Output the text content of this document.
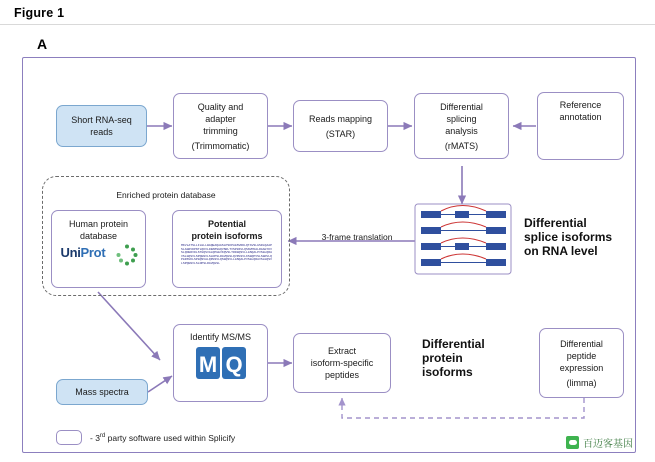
Figure 1
A
Enriched protein database
Short RNA-seq
reads
Quality and
adapter
trimming
(Trimmomatic)
Reads mapping
(STAR)
Differential
splicing
analysis
(rMATS)
Reference
annotation
Human protein
database
UniProt
Potential
protein isoforms
MKVLATSLLFLGLLWAQEAQAGSLPSKPAGSVRDLQTAVSLGSRLQAAPSLAGRVDPNTLQKVLDRAMSGQVSRLTVSPGSVLQSNVPDALRAAGYKVSLQNGRVDLSTGQSVALQPGEVKQVSLTRDGQSVLLGSQALPVSGLQRAVSLGQSVLSPQGNVLSLDPSLRAVQGSLQVPGSVLKSGQPVSLSGNVLQPGDSVKLSPGQSVALQPGSVLQSGQSVLLGSQALPVSGLQRAVSLGQSVLSPQGNVLSLDPSLRAVQGSL
3-frame translation
Differential
splice isoforms
on RNA level
Differential
protein
isoforms
Mass spectra
Identify MS/MS
M Q
Extract
isoform-specific
peptides
Differential
peptide
expression
(limma)
- 3rd party software used within Splicify
百迈客基因
